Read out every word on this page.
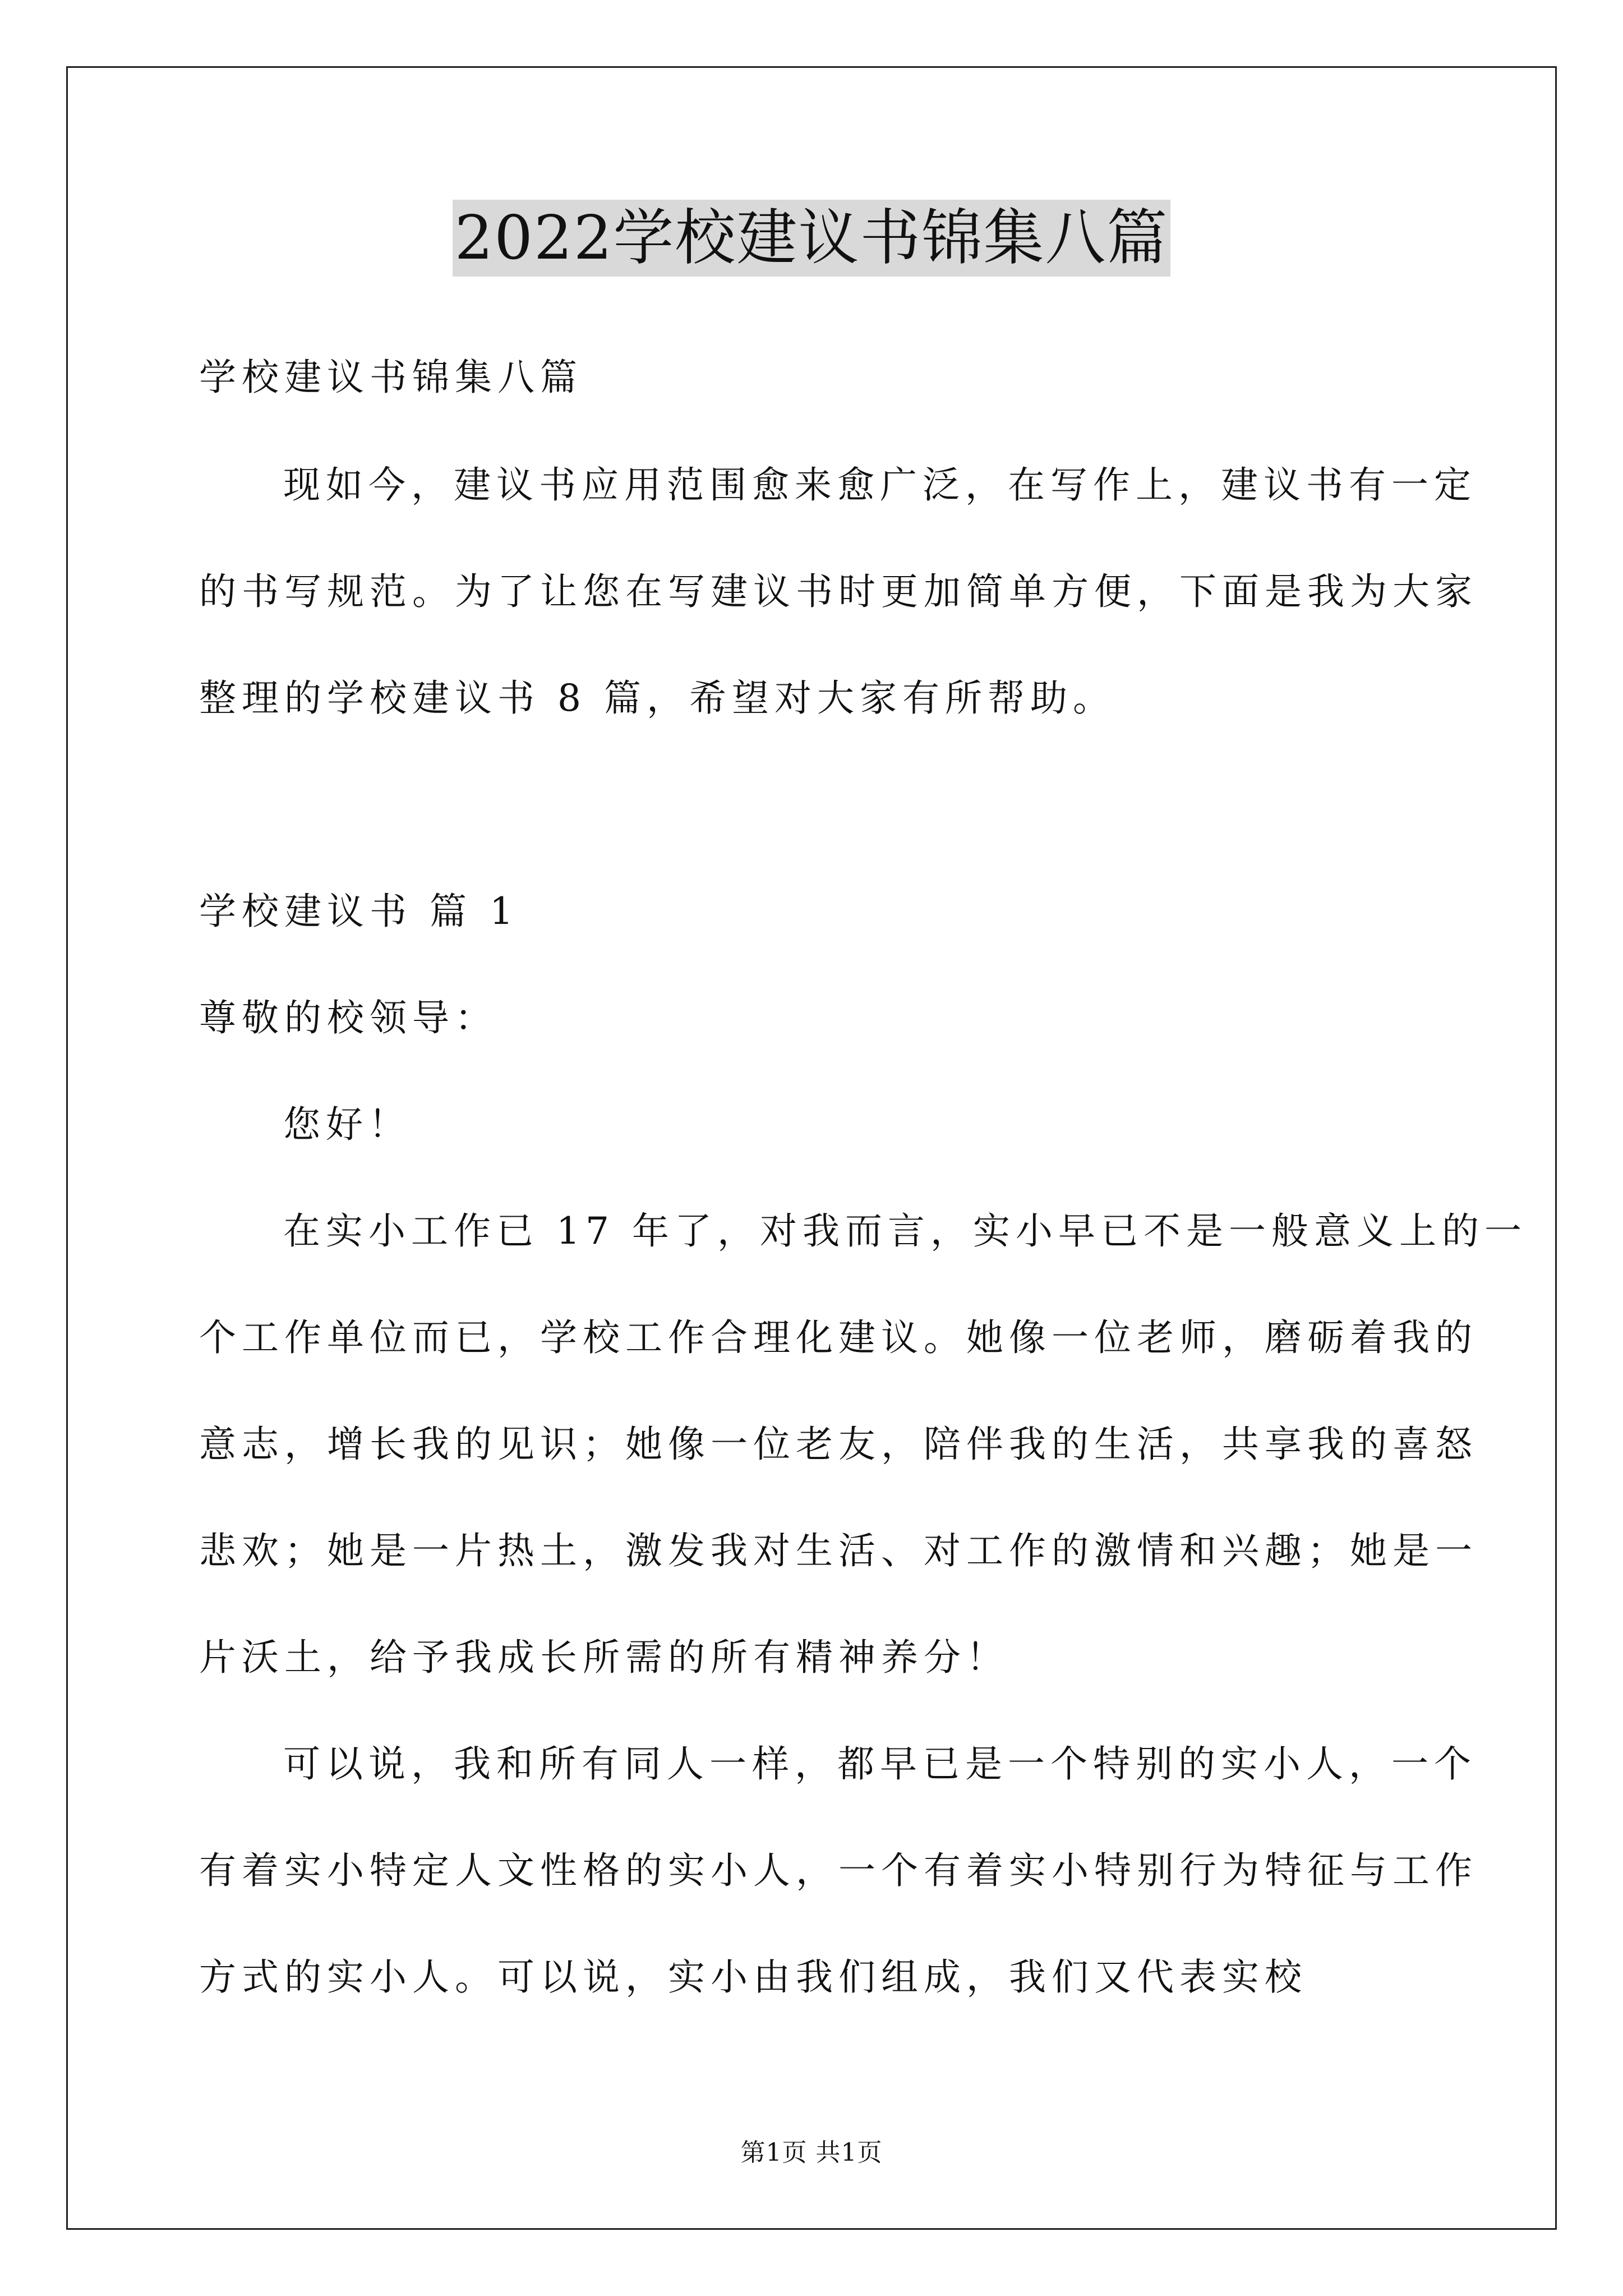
2022学校建议书锦集八篇
学校建议书锦集八篇
现如今，建议书应用范围愈来愈广泛，在写作上，建议书有一定
的书写规范。为了让您在写建议书时更加简单方便，下面是我为大家
整理的学校建议书 8 篇，希望对大家有所帮助。
学校建议书 篇 1
尊敬的校领导：
您好！
在实小工作已 17 年了，对我而言，实小早已不是一般意义上的一
个工作单位而已，学校工作合理化建议。她像一位老师，磨砺着我的
意志，增长我的见识；她像一位老友，陪伴我的生活，共享我的喜怒
悲欢；她是一片热土，激发我对生活、对工作的激情和兴趣；她是一
片沃土，给予我成长所需的所有精神养分！
可以说，我和所有同人一样，都早已是一个特别的实小人，一个
有着实小特定人文性格的实小人，一个有着实小特别行为特征与工作
方式的实小人。可以说，实小由我们组成，我们又代表实校
第1页 共1页
